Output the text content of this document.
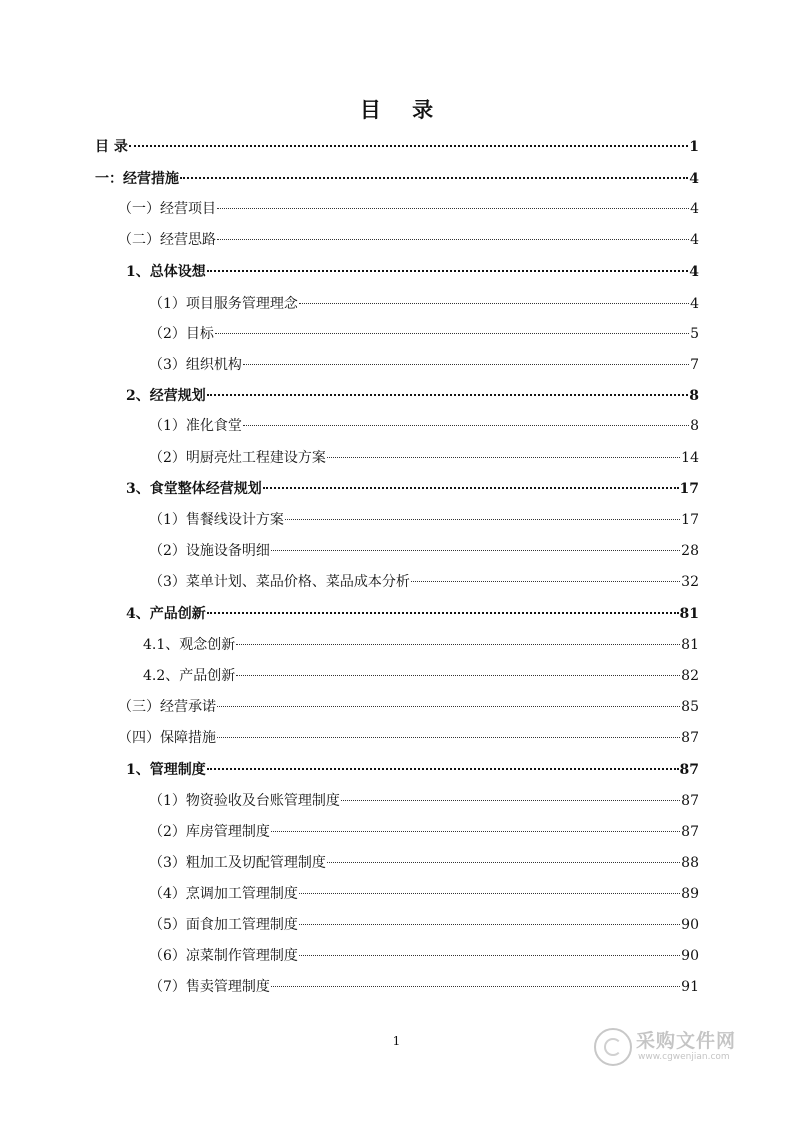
目 录
目 录	1
一：经营措施	4
（一）经营项目	4
（二）经营思路	4
1、总体设想	4
（1）项目服务管理理念	4
（2）目标	5
（3）组织机构	7
2、经营规划	8
（1）准化食堂	8
（2）明厨亮灶工程建设方案	14
3、食堂整体经营规划	17
（1）售餐线设计方案	17
（2）设施设备明细	28
（3）菜单计划、菜品价格、菜品成本分析	32
4、产品创新	81
4.1、观念创新	81
4.2、产品创新	82
（三）经营承诺	85
（四）保障措施	87
1、管理制度	87
（1）物资验收及台账管理制度	87
（2）库房管理制度	87
（3）粗加工及切配管理制度	88
（4）烹调加工管理制度	89
（5）面食加工管理制度	90
（6）凉菜制作管理制度	90
（7）售卖管理制度	91
1	采购文件网
www.cgwenjian.com
